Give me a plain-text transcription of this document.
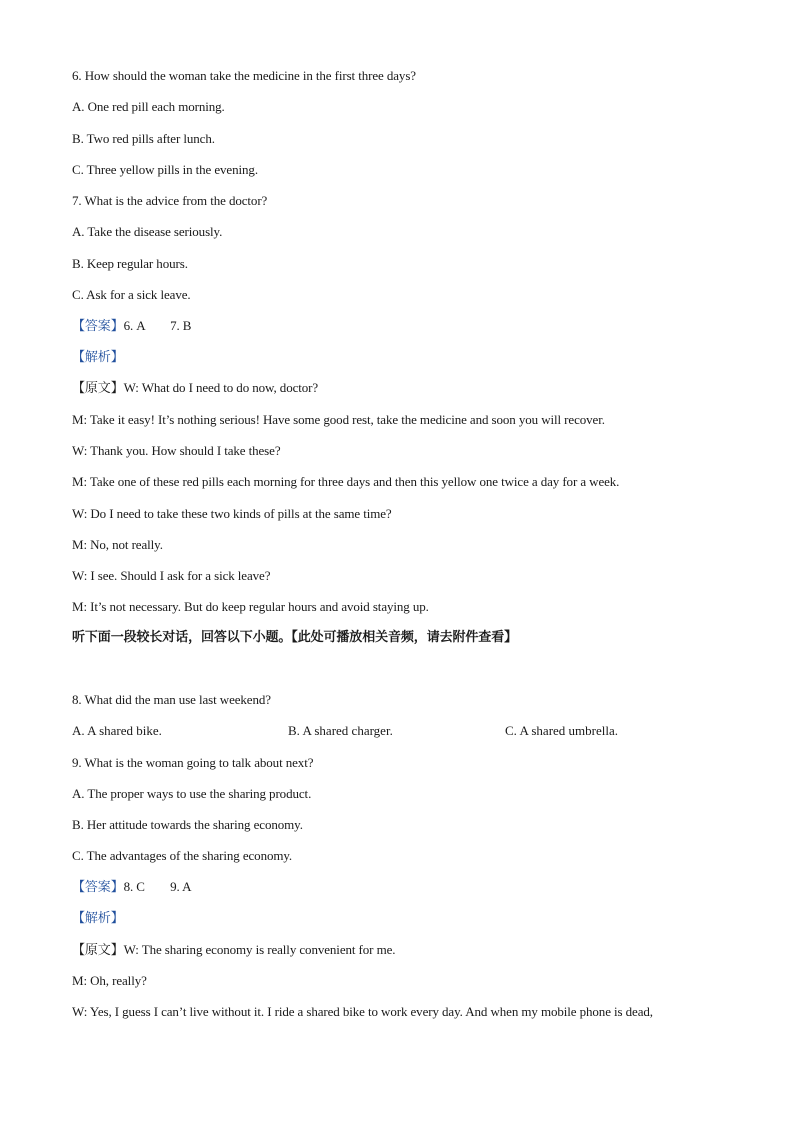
6. How should the woman take the medicine in the first three days?
A. One red pill each morning.
B. Two red pills after lunch.
C. Three yellow pills in the evening.
7. What is the advice from the doctor?
A. Take the disease seriously.
B. Keep regular hours.
C. Ask for a sick leave.
【答案】6. A        7. B
【解析】
【原文】W: What do I need to do now, doctor?
M: Take it easy! It’s nothing serious! Have some good rest, take the medicine and soon you will recover.
W: Thank you. How should I take these?
M: Take one of these red pills each morning for three days and then this yellow one twice a day for a week.
W: Do I need to take these two kinds of pills at the same time?
M: No, not really.
W: I see. Should I ask for a sick leave?
M: It’s not necessary. But do keep regular hours and avoid staying up.
听下面一段较长对话，回答以下小题。【此处可播放相关音频，请去附件查看】
8. What did the man use last weekend?
A. A shared bike.	B. A shared charger.	C. A shared umbrella.
9. What is the woman going to talk about next?
A. The proper ways to use the sharing product.
B. Her attitude towards the sharing economy.
C. The advantages of the sharing economy.
【答案】8. C        9. A
【解析】
【原文】W: The sharing economy is really convenient for me.
M: Oh, really?
W: Yes, I guess I can’t live without it. I ride a shared bike to work every day. And when my mobile phone is dead,
